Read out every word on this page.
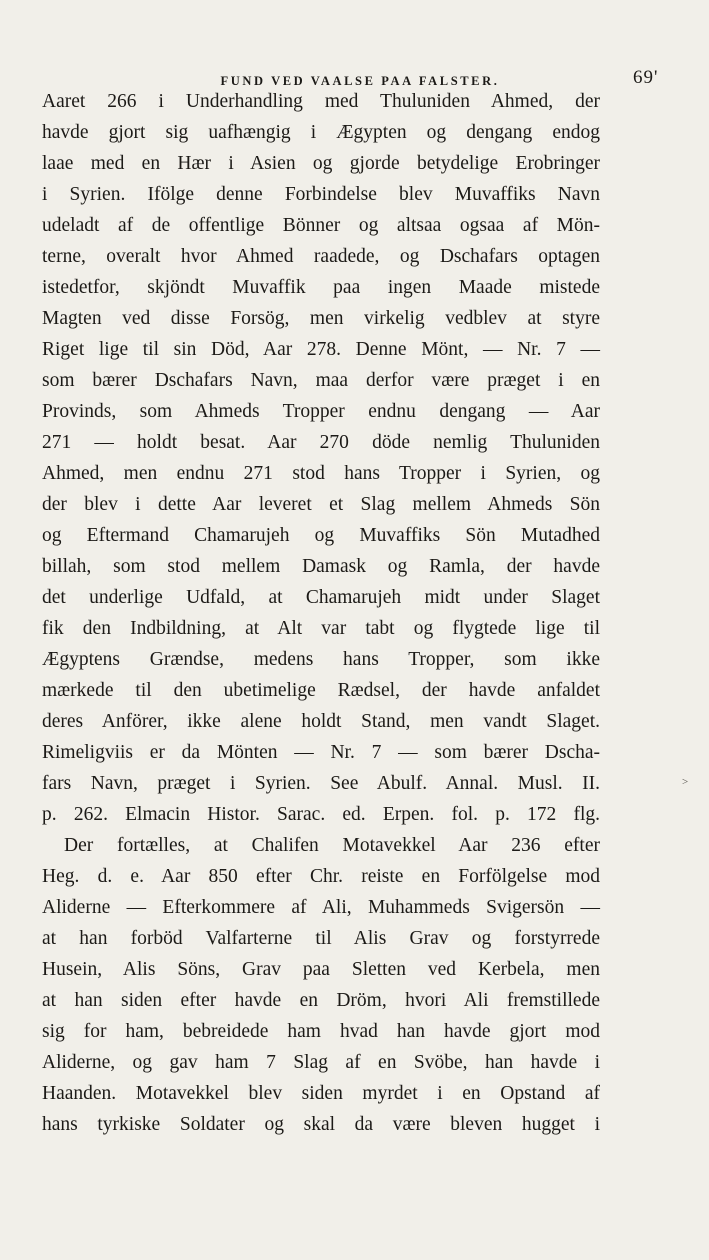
FUND VED VAALSE PAA FALSTER.	69'
Aaret 266 i Underhandling med Thuluniden Ahmed, der
havde gjort sig uafhængig i Ægypten og dengang endog
laae med en Hær i Asien og gjorde betydelige Erobringer
i Syrien. Ifölge denne Forbindelse blev Muvaffiks Navn
udeladt af de offentlige Bönner og altsaa ogsaa af Mön-
terne, overalt hvor Ahmed raadede, og Dschafars optagen
istedetfor, skjöndt Muvaffik paa ingen Maade mistede
Magten ved disse Forsög, men virkelig vedblev at styre
Riget lige til sin Död, Aar 278. Denne Mönt, — Nr. 7 —
som bærer Dschafars Navn, maa derfor være præget i en
Provinds, som Ahmeds Tropper endnu dengang — Aar
271 — holdt besat. Aar 270 döde nemlig Thuluniden
Ahmed, men endnu 271 stod hans Tropper i Syrien, og
der blev i dette Aar leveret et Slag mellem Ahmeds Sön
og Eftermand Chamarujeh og Muvaffiks Sön Mutadhed
billah, som stod mellem Damask og Ramla, der havde
det underlige Udfald, at Chamarujeh midt under Slaget
fik den Indbildning, at Alt var tabt og flygtede lige til
Ægyptens Grændse, medens hans Tropper, som ikke
mærkede til den ubetimelige Rædsel, der havde anfaldet
deres Anförer, ikke alene holdt Stand, men vandt Slaget.
Rimeligviis er da Mönten — Nr. 7 — som bærer Dscha-
fars Navn, præget i Syrien. See Abulf. Annal. Musl. II.
p. 262. Elmacin Histor. Sarac. ed. Erpen. fol. p. 172 flg.
Der fortælles, at Chalifen Motavekkel Aar 236 efter
Heg. d. e. Aar 850 efter Chr. reiste en Forfölgelse mod
Aliderne — Efterkommere af Ali, Muhammeds Svigersön —
at han forböd Valfarterne til Alis Grav og forstyrrede
Husein, Alis Söns, Grav paa Sletten ved Kerbela, men
at han siden efter havde en Dröm, hvori Ali fremstillede
sig for ham, bebreidede ham hvad han havde gjort mod
Aliderne, og gav ham 7 Slag af en Svöbe, han havde i
Haanden. Motavekkel blev siden myrdet i en Opstand af
hans tyrkiske Soldater og skal da være bleven hugget i
˃
